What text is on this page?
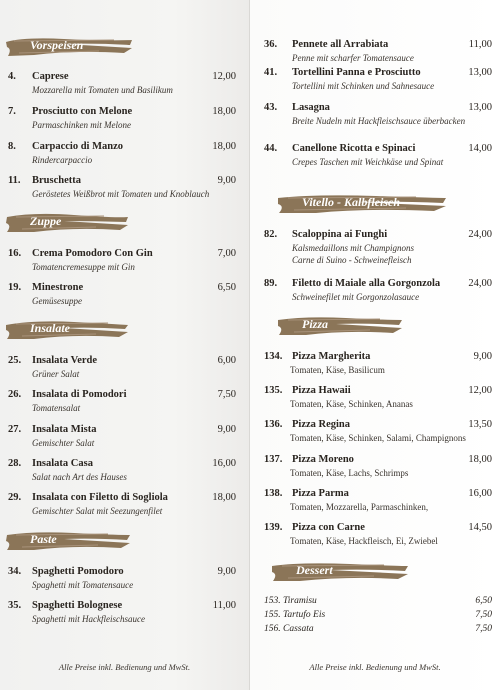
Vorspeisen
4.	Caprese	12,00
Mozzarella mit Tomaten und Basilikum
7.	Prosciutto con Melone	18,00
Parmaschinken mit Melone
8.	Carpaccio di Manzo	18,00
Rindercarpaccio
11.	Bruschetta	9,00
Geröstetes Weißbrot mit Tomaten und Knoblauch
Zuppe
16.	Crema Pomodoro Con Gin	7,00
Tomatencremesuppe mit Gin
19.	Minestrone	6,50
Gemüsesuppe
Insalate
25.	Insalata Verde	6,00
Grüner Salat
26.	Insalata di Pomodori	7,50
Tomatensalat
27.	Insalata Mista	9,00
Gemischter Salat
28.	Insalata Casa	16,00
Salat nach Art des Hauses
29.	Insalata con Filetto di Sogliola	18,00
Gemischter Salat mit Seezungenfilet
Paste
34.	Spaghetti Pomodoro	9,00
Spaghetti mit Tomatensauce
35.	Spaghetti Bolognese	11,00
Spaghetti mit Hackfleischsauce
Alle Preise inkl. Bedienung und MwSt.
36.	Pennete all Arrabiata	11,00
Penne mit scharfer Tomatensauce
41.	Tortellini Panna e Prosciutto	13,00
Tortellini mit Schinken und Sahnesauce
43.	Lasagna	13,00
Breite Nudeln mit Hackfleischsauce überbacken
44.	Canellone Ricotta e Spinaci	14,00
Crepes Taschen mit Weichkäse und Spinat
Vitello - Kalbfleisch
82.	Scaloppina ai Funghi	24,00
Kalsmedaillons mit Champignons
Carne di Suino - Schweinefleisch
89.	Filetto di Maiale alla Gorgonzola	24,00
Schweinefilet mit Gorgonzolasauce
Pizza
134. Pizza Margherita	9,00
Tomaten, Käse, Basilicum
135. Pizza Hawaii	12,00
Tomaten, Käse, Schinken, Ananas
136. Pizza Regina	13,50
Tomaten, Käse, Schinken, Salami, Champignons
137. Pizza Moreno	18,00
Tomaten, Käse, Lachs, Schrimps
138. Pizza Parma	16,00
Tomaten, Mozzarella, Parmaschinken,
139. Pizza con Carne	14,50
Tomaten, Käse, Hackfleisch, Ei, Zwiebel
Dessert
153. Tiramisu	6,50
155. Tartufo Eis	7,50
156. Cassata	7,50
Alle Preise inkl. Bedienung und MwSt.
